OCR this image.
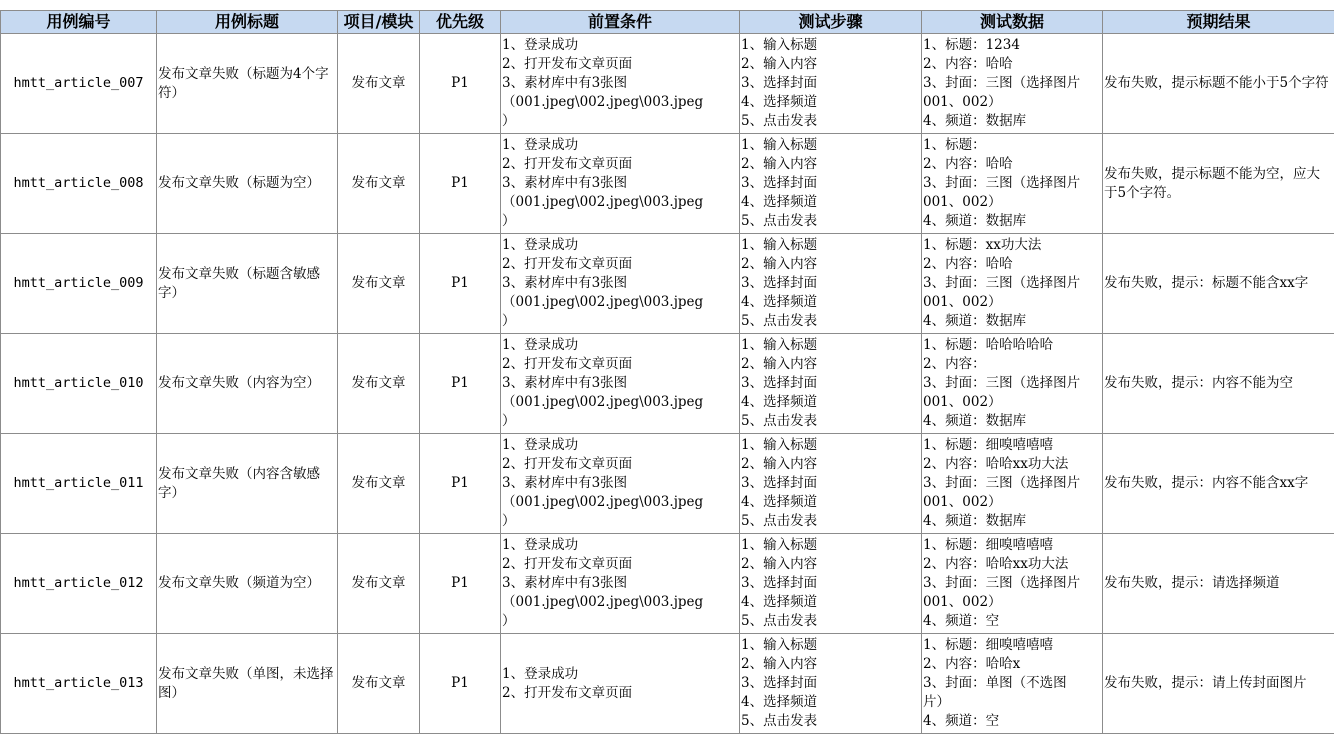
用例编号	用例标题	项目/模块	优先级	前置条件	测试步骤	测试数据	预期结果
hmtt_article_007	发布文章失败（标题为4个字符）	发布文章	P1	1、登录成功
2、打开发布文章页面
3、素材库中有3张图
（001.jpeg\002.jpeg\003.jpeg
）	1、输入标题
2、输入内容
3、选择封面
4、选择频道
5、点击发表	1、标题：1234
2、内容：哈哈
3、封面：三图（选择图片
001、002）
4、频道：数据库	发布失败，提示标题不能小于5个字符
hmtt_article_008	发布文章失败（标题为空）	发布文章	P1	1、登录成功
2、打开发布文章页面
3、素材库中有3张图
（001.jpeg\002.jpeg\003.jpeg
）	1、输入标题
2、输入内容
3、选择封面
4、选择频道
5、点击发表	1、标题：
2、内容：哈哈
3、封面：三图（选择图片
001、002）
4、频道：数据库	发布失败，提示标题不能为空，应大于5个字符。
hmtt_article_009	发布文章失败（标题含敏感字）	发布文章	P1	1、登录成功
2、打开发布文章页面
3、素材库中有3张图
（001.jpeg\002.jpeg\003.jpeg
）	1、输入标题
2、输入内容
3、选择封面
4、选择频道
5、点击发表	1、标题：xx功大法
2、内容：哈哈
3、封面：三图（选择图片
001、002）
4、频道：数据库	发布失败，提示：标题不能含xx字
hmtt_article_010	发布文章失败（内容为空）	发布文章	P1	1、登录成功
2、打开发布文章页面
3、素材库中有3张图
（001.jpeg\002.jpeg\003.jpeg
）	1、输入标题
2、输入内容
3、选择封面
4、选择频道
5、点击发表	1、标题：哈哈哈哈哈
2、内容：
3、封面：三图（选择图片
001、002）
4、频道：数据库	发布失败，提示：内容不能为空
hmtt_article_011	发布文章失败（内容含敏感字）	发布文章	P1	1、登录成功
2、打开发布文章页面
3、素材库中有3张图
（001.jpeg\002.jpeg\003.jpeg
）	1、输入标题
2、输入内容
3、选择封面
4、选择频道
5、点击发表	1、标题：细嗅嘻嘻嘻
2、内容：哈哈xx功大法
3、封面：三图（选择图片
001、002）
4、频道：数据库	发布失败，提示：内容不能含xx字
hmtt_article_012	发布文章失败（频道为空）	发布文章	P1	1、登录成功
2、打开发布文章页面
3、素材库中有3张图
（001.jpeg\002.jpeg\003.jpeg
）	1、输入标题
2、输入内容
3、选择封面
4、选择频道
5、点击发表	1、标题：细嗅嘻嘻嘻
2、内容：哈哈xx功大法
3、封面：三图（选择图片
001、002）
4、频道：空	发布失败，提示：请选择频道
hmtt_article_013	发布文章失败（单图，未选择图）	发布文章	P1	1、登录成功
2、打开发布文章页面	1、输入标题
2、输入内容
3、选择封面
4、选择频道
5、点击发表	1、标题：细嗅嘻嘻嘻
2、内容：哈哈x
3、封面：单图（不选图
片）
4、频道：空	发布失败，提示：请上传封面图片
